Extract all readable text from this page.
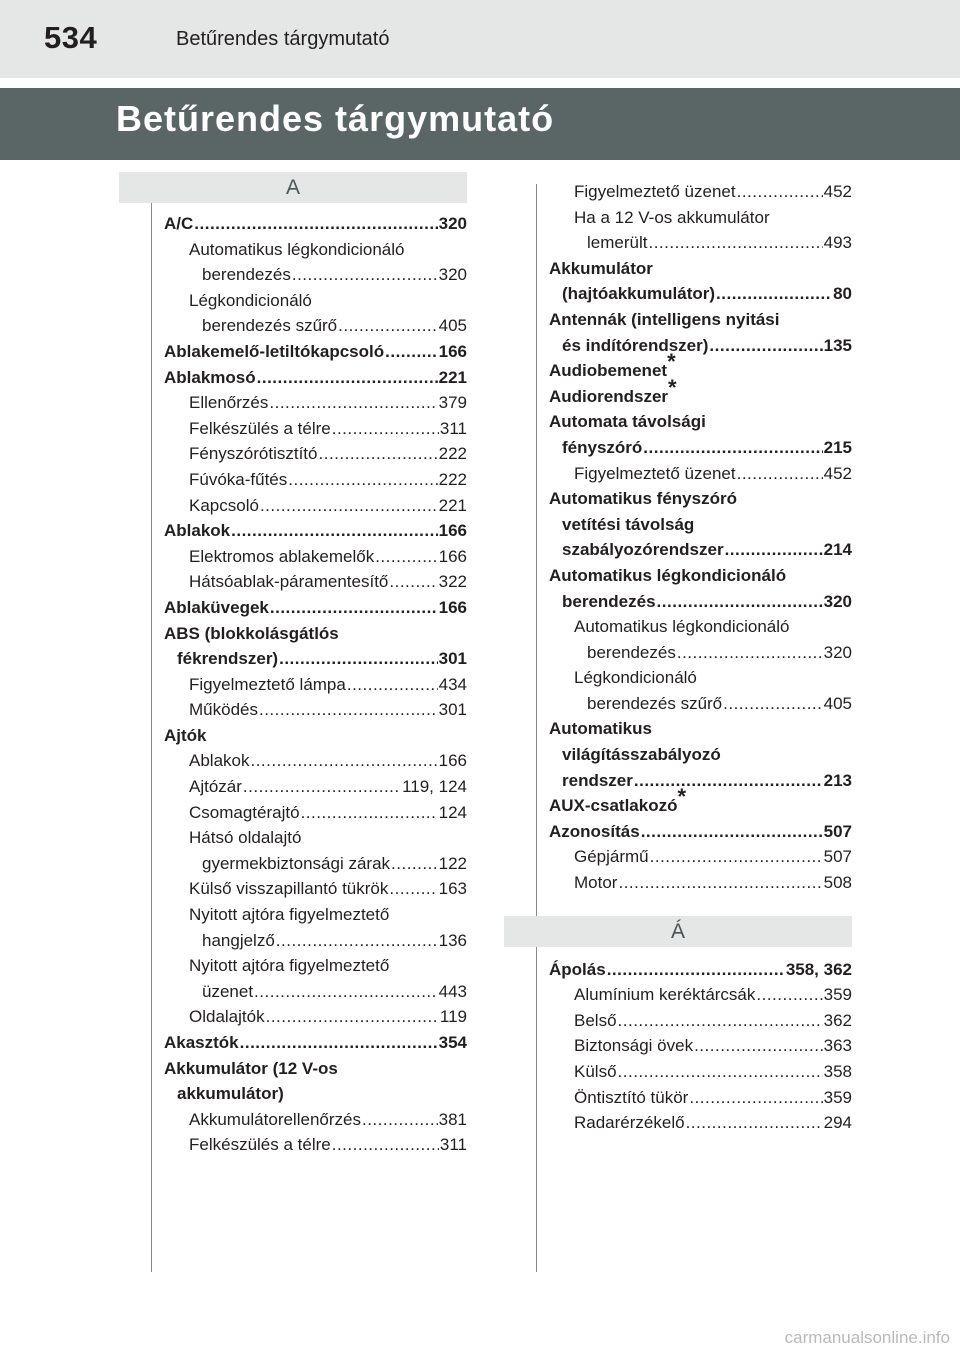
534	Betűrendes tárgymutató
Betűrendes tárgymutató
A
A/C .....	320
Automatikus légkondicionáló
berendezés .....	320
Légkondicionáló
berendezés szűrő .....	405
Ablakemelő-letiltókapcsoló .....	166
Ablakmosó .....	221
Ellenőrzés .....	379
Felkészülés a télre .....	311
Fényszórótisztító .....	222
Fúvóka-fűtés .....	222
Kapcsoló .....	221
Ablakok .....	166
Elektromos ablakemelők .....	166
Hátsóablak-páramentesítő .....	322
Ablaküvegek .....	166
ABS (blokkolásgátlós
fékrendszer) .....	301
Figyelmeztető lámpa .....	434
Működés .....	301
Ajtók
Ablakok .....	166
Ajtózár .....	119, 124
Csomagtérajtó .....	124
Hátsó oldalajtó
gyermekbiztonsági zárak .....	122
Külső visszapillantó tükrök .....	163
Nyitott ajtóra figyelmeztető
hangjelző .....	136
Nyitott ajtóra figyelmeztető
üzenet .....	443
Oldalajtók .....	119
Akasztók .....	354
Akkumulátor (12 V-os
akkumulátor)
Akkumulátorellenőrzés .....	381
Felkészülés a télre .....	311
Figyelmeztető üzenet .....	452
Ha a 12 V-os akkumulátor
lemerült .....	493
Akkumulátor
(hajtóakkumulátor) .....	80
Antennák (intelligens nyitási
és indítórendszer) .....	135
Audiobemenet*
Audiorendszer*
Automata távolsági
fényszóró .....	215
Figyelmeztető üzenet .....	452
Automatikus fényszóró
vetítési távolság
szabályozórendszer .....	214
Automatikus légkondicionáló
berendezés .....	320
Automatikus légkondicionáló
berendezés .....	320
Légkondicionáló
berendezés szűrő .....	405
Automatikus
világításszabályozó
rendszer .....	213
AUX-csatlakozó*
Azonosítás .....	507
Gépjármű .....	507
Motor .....	508
Á
Ápolás .....	358, 362
Alumínium keréktárcsák .....	359
Belső .....	362
Biztonsági övek .....	363
Külső .....	358
Öntisztító tükör .....	359
Radarérzékelő .....	294
carmanualsonline.info
